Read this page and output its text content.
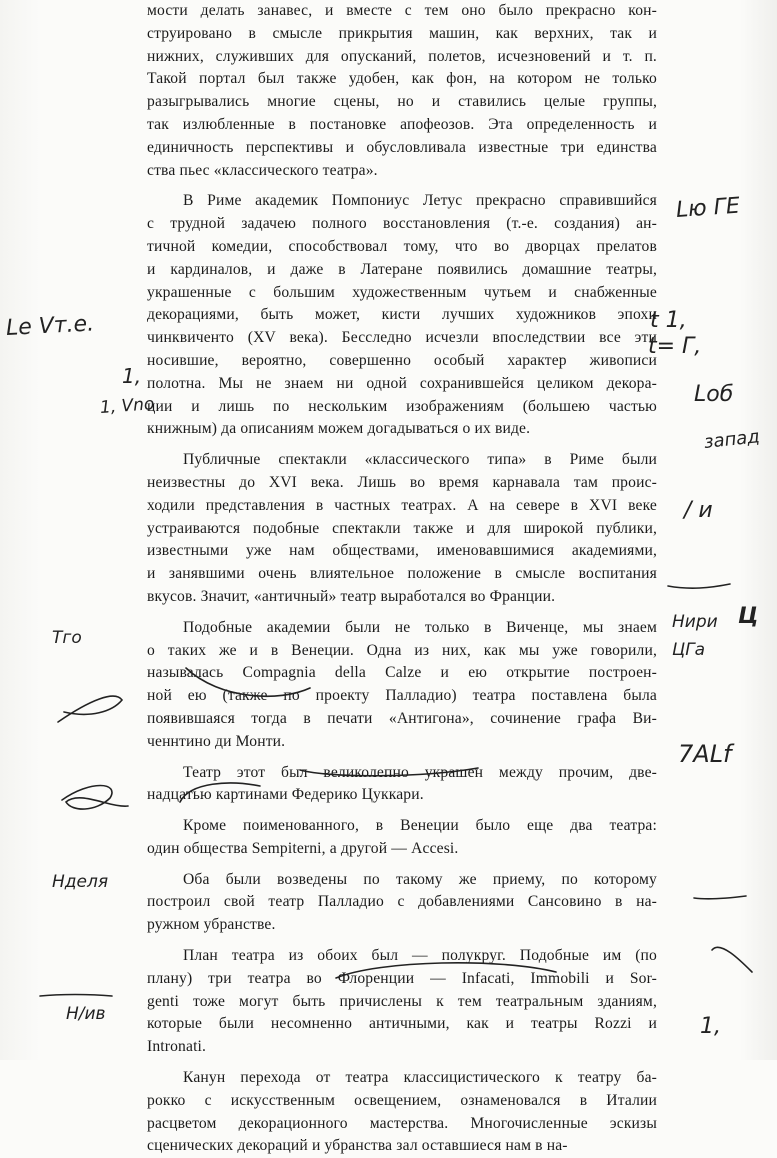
мости делать занавес, и вместе с тем оно было прекрасно кон-
струировано в смысле прикрытия машин, как верхних, так и
нижних, служивших для опусканий, полетов, исчезновений и т. п.
Такой портал был также удобен, как фон, на котором не только
разыгрывались многие сцены, но и ставились целые группы,
так излюбленные в постановке апофеозов. Эта определенность и
единичность перспективы и обусловливала известные три единства
ства пьес «классического театра».
В Риме академик Помпониус Летус прекрасно справившийся
с трудной задачею полного восстановления (т.-е. создания) ан-
тичной комедии, способствовал тому, что во дворцах прелатов
и кардиналов, и даже в Латеране появились домашние театры,
украшенные с большим художественным чутьем и снабженные
декорациями, быть может, кисти лучших художников эпохи
чинквиченто (XV века). Бесследно исчезли впоследствии все эти
носившие, вероятно, совершенно особый характер живописи
полотна. Мы не знаем ни одной сохранившейся целиком декора-
ции и лишь по нескольким изображениям (большею частью
книжным) да описаниям можем догадываться о их виде.
Публичные спектакли «классического типа» в Риме были
неизвестны до XVI века. Лишь во время карнавала там проис-
ходили представления в частных театрах. А на севере в XVI веке
устраиваются подобные спектакли также и для широкой публики,
известными уже нам обществами, именовавшимися академиями,
и занявшими очень влиятельное положение в смысле воспитания
вкусов. Значит, «античный» театр выработался во Франции.
Подобные академии были не только в Виченце, мы знаем
о таких же и в Венеции. Одна из них, как мы уже говорили,
называлась Compagnia della Calze и ею открытие построен-
ной ею (также по проекту Палладио) театра поставлена была
появившаяся тогда в печати «Антигона», сочинение графа Ви-
ченнтино ди Монти.
Театр этот был великолепно украшен между прочим, две-
надцатью картинами Федерико Цуккари.
Кроме поименованного, в Венеции было еще два театра:
один общества Sempiterni, а другой — Accesi.
Оба были возведены по такому же приему, по которому
построил свой театр Палладио с добавлениями Сансовино в на-
ружном убранстве.
План театра из обоих был — полукруг. Подобные им (по
плану) три театра во Флоренции — Infacati, Immobili и Sor-
genti тоже могут быть причислены к тем театральным зданиям,
которые были несомненно античными, как и театры Rozzi и
Intronati.
Канун перехода от театра классицистического к театру ба-
рокко с искусственным освещением, ознаменовался в Италии
расцветом декорационного мастерства. Многочисленные эскизы
сценических декораций и убранства зал оставшиеся нам в на-
Lю ГЕ
t 1,
t= Г,
Lоб
запад
/ и
Нири Ц
ЦГа
7АLf
1,
Lе Vт.е.
1,
1, Vno
Тго
Нделя
Н/ив
